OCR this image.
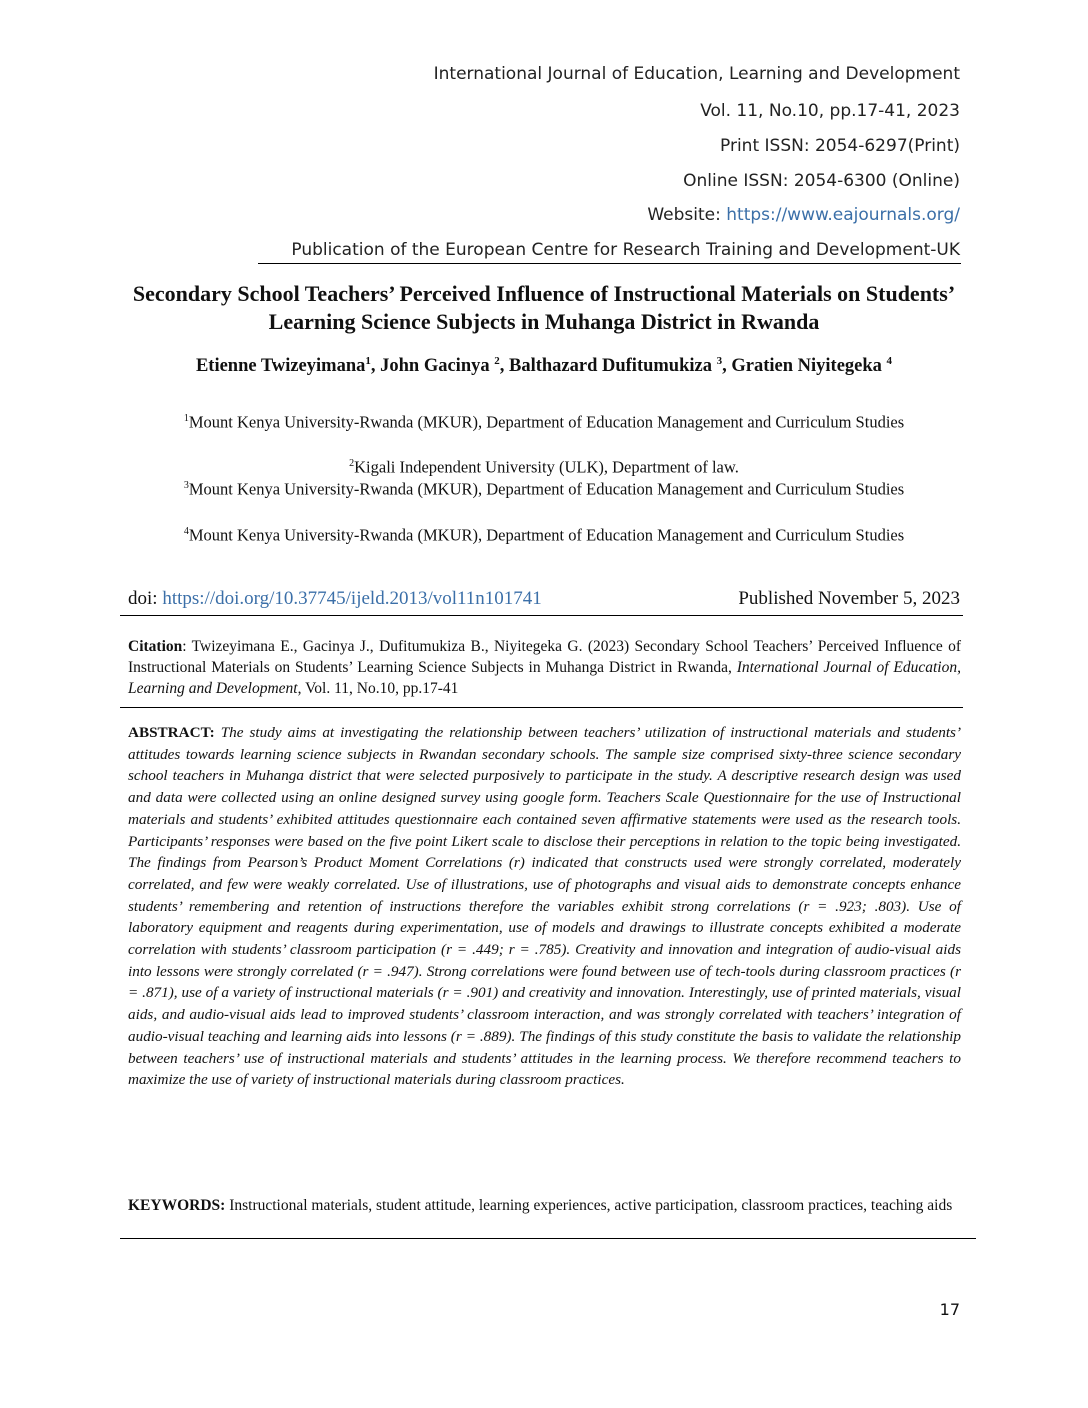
International Journal of Education, Learning and Development
Vol. 11, No.10, pp.17-41, 2023
Print ISSN: 2054-6297(Print)
Online ISSN: 2054-6300 (Online)
Website: https://www.eajournals.org/
Publication of the European Centre for Research Training and Development-UK
Secondary School Teachers’ Perceived Influence of Instructional Materials on Students’ Learning Science Subjects in Muhanga District in Rwanda
Etienne Twizeyimana$^1$, John Gacinya $^2$, Balthazard Dufitumukiza $^3$, Gratien Niyitegeka $^4$
$^1$Mount Kenya University-Rwanda (MKUR), Department of Education Management and Curriculum Studies
$^2$Kigali Independent University (ULK), Department of law.
$^3$Mount Kenya University-Rwanda (MKUR), Department of Education Management and Curriculum Studies
$^4$Mount Kenya University-Rwanda (MKUR), Department of Education Management and Curriculum Studies
doi: https://doi.org/10.37745/ijeld.2013/vol11n101741	Published November 5, 2023
Citation: Twizeyimana E., Gacinya J., Dufitumukiza B., Niyitegeka G. (2023) Secondary School Teachers’ Perceived Influence of Instructional Materials on Students’ Learning Science Subjects in Muhanga District in Rwanda, International Journal of Education, Learning and Development, Vol. 11, No.10, pp.17-41
ABSTRACT: The study aims at investigating the relationship between teachers’ utilization of instructional materials and students’ attitudes towards learning science subjects in Rwandan secondary schools. The sample size comprised sixty-three science secondary school teachers in Muhanga district that were selected purposively to participate in the study. A descriptive research design was used and data were collected using an online designed survey using google form. Teachers Scale Questionnaire for the use of Instructional materials and students’ exhibited attitudes questionnaire each contained seven affirmative statements were used as the research tools. Participants’ responses were based on the five point Likert scale to disclose their perceptions in relation to the topic being investigated. The findings from Pearson’s Product Moment Correlations (r) indicated that constructs used were strongly correlated, moderately correlated, and few were weakly correlated. Use of illustrations, use of photographs and visual aids to demonstrate concepts enhance students’ remembering and retention of instructions therefore the variables exhibit strong correlations (r = .923; .803). Use of laboratory equipment and reagents during experimentation, use of models and drawings to illustrate concepts exhibited a moderate correlation with students’ classroom participation (r = .449; r = .785). Creativity and innovation and integration of audio-visual aids into lessons were strongly correlated (r = .947). Strong correlations were found between use of tech-tools during classroom practices (r = .871), use of a variety of instructional materials (r = .901) and creativity and innovation. Interestingly, use of printed materials, visual aids, and audio-visual aids lead to improved students’ classroom interaction, and was strongly correlated with teachers’ integration of audio-visual teaching and learning aids into lessons (r = .889). The findings of this study constitute the basis to validate the relationship between teachers’ use of instructional materials and students’ attitudes in the learning process. We therefore recommend teachers to maximize the use of variety of instructional materials during classroom practices.
KEYWORDS: Instructional materials, student attitude, learning experiences, active participation, classroom practices, teaching aids
17
